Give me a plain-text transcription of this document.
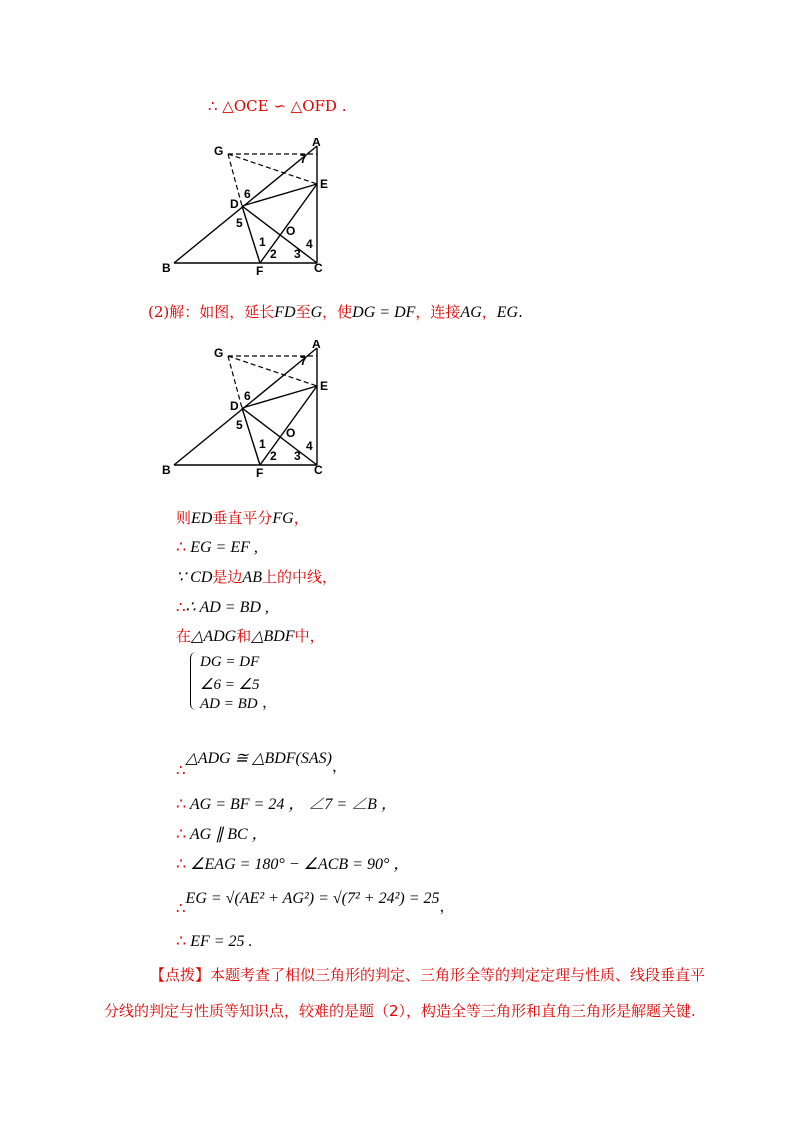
∴ △OCE ∽ △OFD .
G
A
E
D
O
B	F	C
1
2 3
4
5
6
7
(2)解：如图，延长FD至G，使DG = DF，连接AG，EG.
G
A
E
D
O
B	F	C
1
2 3
4
5
6
7
则ED垂直平分FG，
∴ EG = EF ,
∵ CD是边AB上的中线，
∴∴ AD = BD ,
在△ADG和△BDF中，
DG = DF
∠6 = ∠5
AD = BD ，
∴△ADG ≅ △BDF(SAS)，
∴ AG = BF = 24 ， ∠7 = ∠B ，
∴ AG ∥ BC ，
∴ ∠EAG = 180° − ∠ACB = 90° ，
∴EG = √(AE² + AG²) = √(7² + 24²) = 25，
∴ EF = 25 .
【点拨】本题考查了相似三角形的判定、三角形全等的判定定理与性质、线段垂直平
分线的判定与性质等知识点，较难的是题（2），构造全等三角形和直角三角形是解题关键.
